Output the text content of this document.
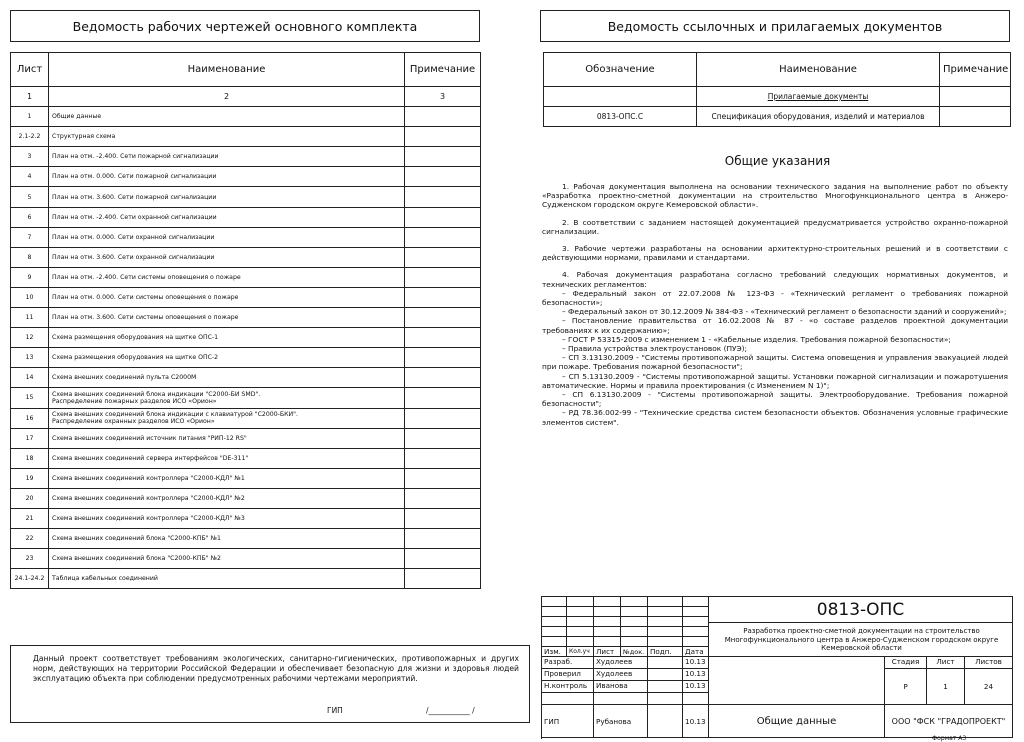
Ведомость рабочих чертежей основного комплекта
Лист	Наименование	Примечание
1	2	3
1	Общие данные	
2.1-2.2	Структурная схема	
3	План на отм. -2.400. Сети пожарной сигнализации	
4	План на отм. 0.000. Сети пожарной сигнализации	
5	План на отм. 3.600. Сети пожарной сигнализации	
6	План на отм. -2.400. Сети охранной сигнализации	
7	План на отм. 0.000. Сети охранной сигнализации	
8	План на отм. 3.600. Сети охранной сигнализации	
9	План на отм. -2.400. Сети системы оповещения о пожаре	
10	План на отм. 0.000. Сети системы оповещения о пожаре	
11	План на отм. 3.600. Сети системы оповещения о пожаре	
12	Схема размещения оборудования на щитке ОПС-1	
13	Схема размещения оборудования на щитке ОПС-2	
14	Схема внешних соединений пульта С2000М	
15	Схема внешних соединений блока индикации "С2000-БИ SMD".
Распределение пожарных разделов ИСО «Орион»	

16	Схема внешних соединений блока индикации с клавиатурой "С2000-БКИ".
Распределение охранных разделов ИСО «Орион»	

17	Схема внешних соединений источник питания "РИП-12 RS"	
18	Схема внешних соединений сервера интерфейсов "DE-311"	
19	Схема внешних соединений контроллера "С2000-КДЛ" №1	
20	Схема внешних соединений контроллера "С2000-КДЛ" №2	
21	Схема внешних соединений контроллера "С2000-КДЛ" №3	
22	Схема внешних соединений блока "С2000-КПБ" №1	
23	Схема внешних соединений блока "С2000-КПБ" №2	
24.1-24.2	Таблица кабельных соединений	

Данный проект соответствует требованиям экологических, санитарно-гигиенических, противопожарных и других норм, действующих на территории Российской Федерации и обеспечивает безопасную для жизни и здоровья людей эксплуатацию объекта при соблюдении предусмотренных рабочими чертежами мероприятий.

ГИП	/___________ /
Ведомость ссылочных и прилагаемых документов
Обозначение	Наименование	Примечание
	Прилагаемые документы	
0813-ОПС.С	Спецификация оборудования, изделий и материалов	
Общие указания

1. Рабочая документация выполнена на основании технического задания на выполнение работ по объекту «Разработка проектно-сметной документации на строительство Многофункционального центра в Анжеро-Судженском городском округе Кемеровской области».

2. В соответствии с заданием настоящей документацией предусматривается устройство охранно-пожарной сигнализации.

3. Рабочие чертежи разработаны на основании архитектурно-строительных решений и в соответствии с действующими нормами, правилами и стандартами.

4. Рабочая документация разработана согласно требований следующих нормативных документов, и технических регламентов:

– Федеральный закон от 22.07.2008 № 123-ФЗ - «Технический регламент о требованиях пожарной безопасности»;
– Федеральный закон от 30.12.2009 № 384-ФЗ - «Технический регламент о безопасности зданий и сооружений»;
– Постановление правительства от 16.02.2008 № 87 - «о составе разделов проектной документации требованиях к их содержанию»;
– ГОСТ Р 53315-2009 с изменением 1 - «Кабельные изделия. Требования пожарной безопасности»;
– Правила устройства электроустановок (ПУЭ);
– СП 3.13130.2009 - "Системы противопожарной защиты. Система оповещения и управления эвакуацией людей при пожаре. Требования пожарной безопасности";
– СП 5.13130.2009 - "Системы противопожарной защиты. Установки пожарной сигнализации и пожаротушения автоматические. Нормы и правила проектирования (с Изменением N 1)";
– СП 6.13130.2009 - "Системы противопожарной защиты. Электрооборудование. Требования пожарной безопасности";
– РД 78.36.002-99 - "Технические средства систем безопасности объектов. Обозначения условные графические элементов систем".
Изм.	Кол.уч Лист	№док. Подп.	Дата
Разраб.	Худолеев	10.13
Проверил	Худолеев	10.13
Н.контроль	Иванова	10.13
ГИП	Рубанова	10.13
0813-ОПС
Разработка проектно-сметной документации на строительство Многофункционального центра в Анжеро-Судженском городском округе Кемеровской области
Стадия	Лист	Листов
Р	1	24
Общие данные	ООО "ФСК "ГРАДОПРОЕКТ"
Формат А3
